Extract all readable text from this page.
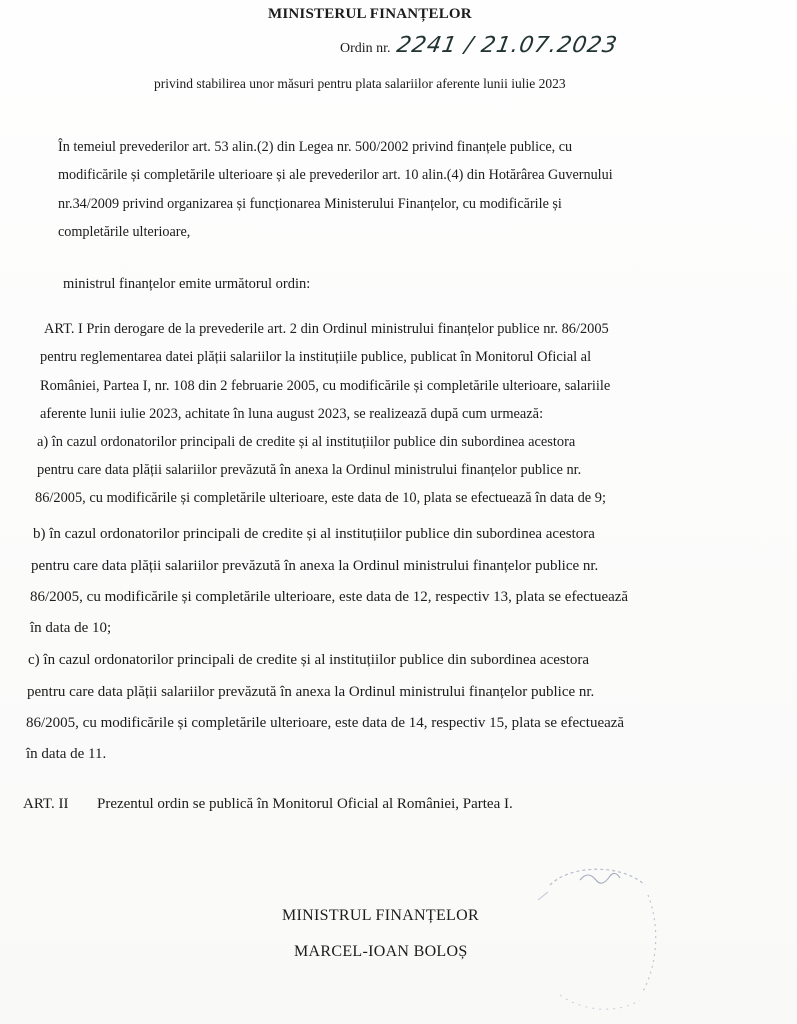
MINISTERUL FINANȚELOR
Ordin nr. 2241 / 21.07.2023
privind stabilirea unor măsuri pentru plata salariilor aferente lunii iulie 2023
În temeiul prevederilor art. 53 alin.(2) din Legea nr. 500/2002 privind finanțele publice, cu
modificările și completările ulterioare și ale prevederilor art. 10 alin.(4) din Hotărârea Guvernului
nr.34/2009 privind organizarea și funcționarea Ministerului Finanțelor, cu modificările și
completările ulterioare,
ministrul finanțelor emite următorul ordin:
ART. I Prin derogare de la prevederile art. 2 din Ordinul ministrului finanțelor publice nr. 86/2005
pentru reglementarea datei plății salariilor la instituțiile publice, publicat în Monitorul Oficial al
României, Partea I, nr. 108 din 2 februarie 2005, cu modificările și completările ulterioare, salariile
aferente lunii iulie 2023, achitate în luna august 2023, se realizează după cum urmează:
a) în cazul ordonatorilor principali de credite și al instituțiilor publice din subordinea acestora
pentru care data plății salariilor prevăzută în anexa la Ordinul ministrului finanțelor publice nr.
86/2005, cu modificările și completările ulterioare, este data de 10, plata se efectuează în data de 9;
b) în cazul ordonatorilor principali de credite și al instituțiilor publice din subordinea acestora
pentru care data plății salariilor prevăzută în anexa la Ordinul ministrului finanțelor publice nr.
86/2005, cu modificările și completările ulterioare, este data de 12, respectiv 13, plata se efectuează
în data de 10;
c) în cazul ordonatorilor principali de credite și al instituțiilor publice din subordinea acestora
pentru care data plății salariilor prevăzută în anexa la Ordinul ministrului finanțelor publice nr.
86/2005, cu modificările și completările ulterioare, este data de 14, respectiv 15, plata se efectuează
în data de 11.
ART. II Prezentul ordin se publică în Monitorul Oficial al României, Partea I.
MINISTRUL FINANȚELOR
MARCEL-IOAN BOLOȘ
